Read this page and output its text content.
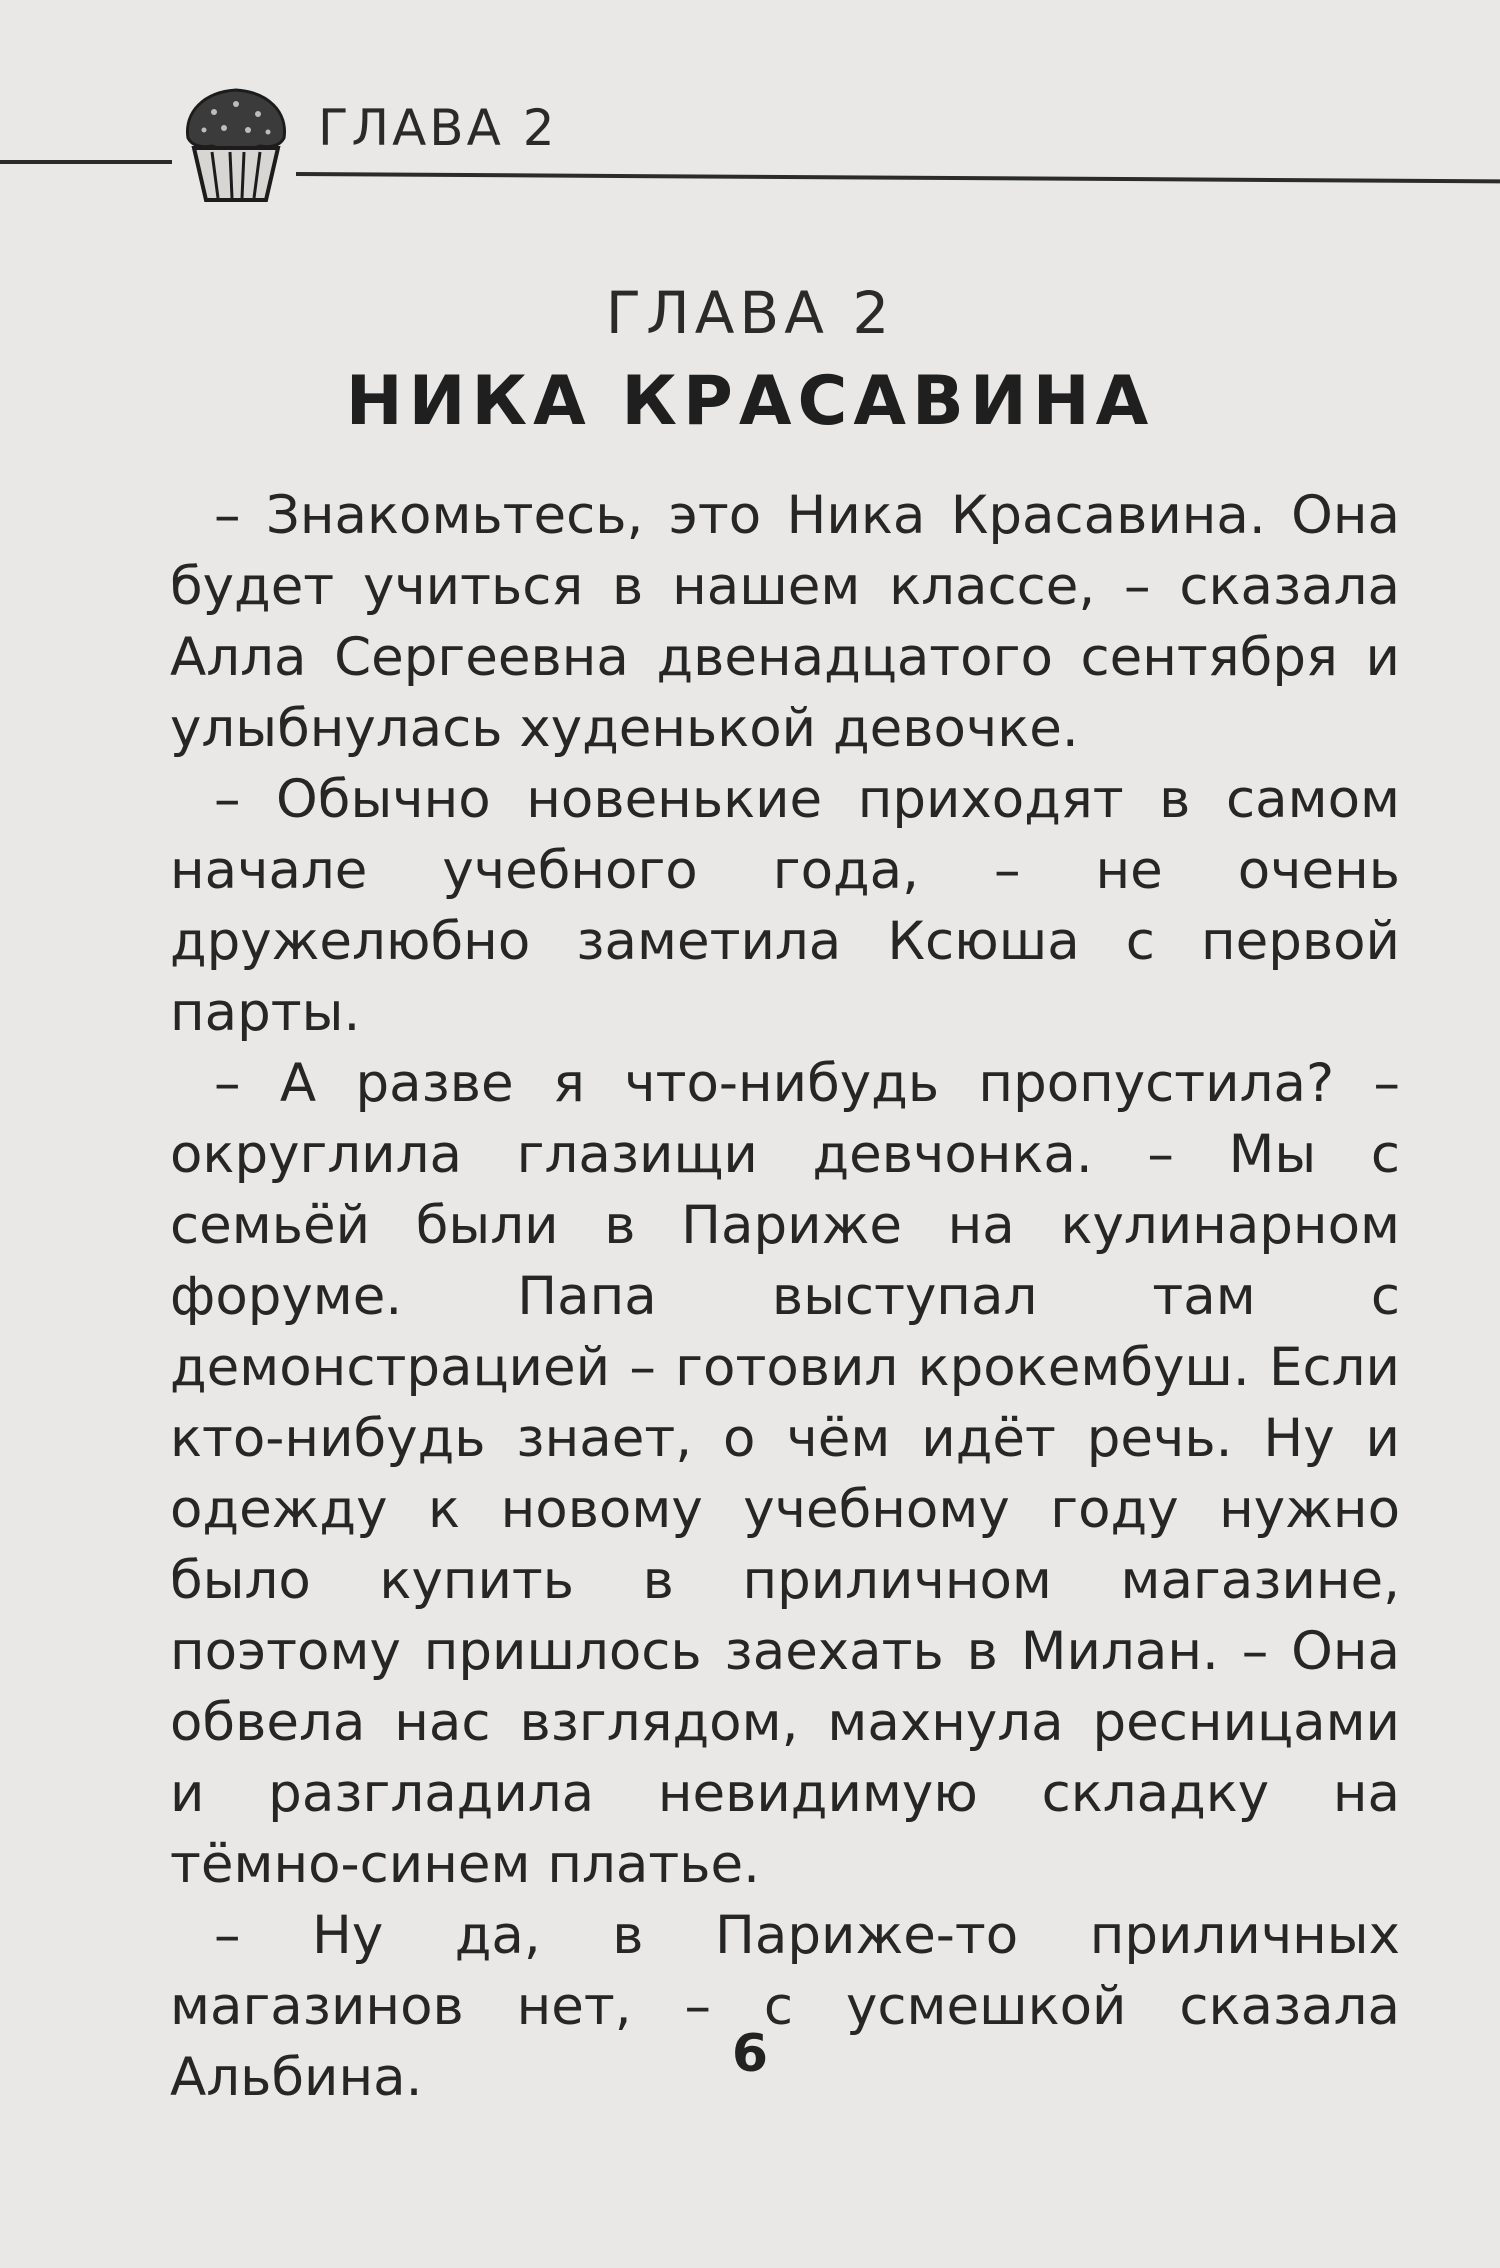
ГЛАВА 2
ГЛАВА 2
НИКА КРАСАВИНА

– Знакомьтесь, это Ника Красавина. Она будет учиться в нашем классе, – сказала Алла Сергеевна двенадцатого сентября и улыбнулась худенькой девочке.

– Обычно новенькие приходят в самом начале учебного года, – не очень дружелюбно заметила Ксюша с первой парты.

– А разве я что-нибудь пропустила? – округлила глазищи девчонка. – Мы с семьёй были в Париже на кулинарном форуме. Папа выступал там с демонстрацией – готовил крокембуш. Если кто-нибудь знает, о чём идёт речь. Ну и одежду к новому учебному году нужно было купить в приличном магазине, поэтому пришлось заехать в Милан. – Она обвела нас взглядом, махнула ресницами и разгладила невидимую складку на тёмно-синем платье.

– Ну да, в Париже-то приличных магазинов нет, – с усмешкой сказала Альбина.	6
